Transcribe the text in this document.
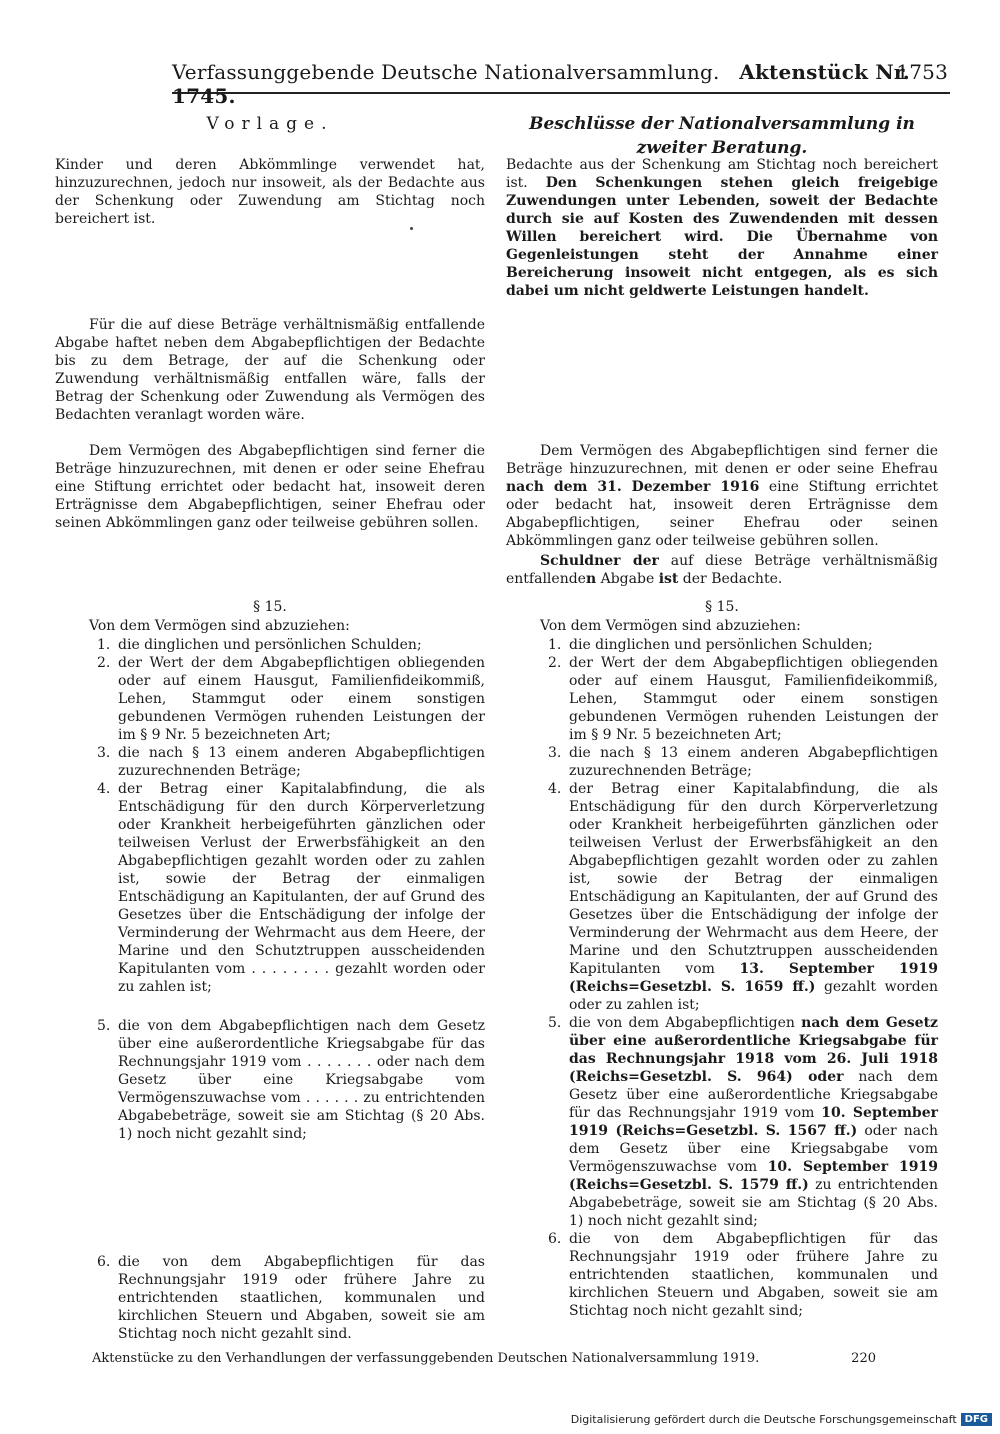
Verfassunggebende Deutsche Nationalversammlung. Aktenstück Nr. 1745.
1753
Vorlage.
Kinder und deren Abkömmlinge verwendet hat, hinzuzurechnen, jedoch nur insoweit, als der Bedachte aus der Schenkung oder Zuwendung am Stichtag noch bereichert ist.
Für die auf diese Beträge verhältnismäßig entfallende Abgabe haftet neben dem Abgabepflichtigen der Bedachte bis zu dem Betrage, der auf die Schenkung oder Zuwendung verhältnismäßig entfallen wäre, falls der Betrag der Schenkung oder Zuwendung als Vermögen des Bedachten veranlagt worden wäre.
Dem Vermögen des Abgabepflichtigen sind ferner die Beträge hinzuzurechnen, mit denen er oder seine Ehefrau eine Stiftung errichtet oder bedacht hat, insoweit deren Erträgnisse dem Abgabepflichtigen, seiner Ehefrau oder seinen Abkömmlingen ganz oder teilweise gebühren sollen.
§ 15.
Von dem Vermögen sind abzuziehen:
1. die dinglichen und persönlichen Schulden;
2. der Wert der dem Abgabepflichtigen obliegenden oder auf einem Hausgut, Familienfideikommiß, Lehen, Stammgut oder einem sonstigen gebundenen Vermögen ruhenden Leistungen der im § 9 Nr. 5 bezeichneten Art;
3. die nach § 13 einem anderen Abgabepflichtigen zuzurechnenden Beträge;
4. der Betrag einer Kapitalabfindung, die als Entschädigung für den durch Körperverletzung oder Krankheit herbeigeführten gänzlichen oder teilweisen Verlust der Erwerbsfähigkeit an den Abgabepflichtigen gezahlt worden oder zu zahlen ist, sowie der Betrag der einmaligen Entschädigung an Kapitulanten, der auf Grund des Gesetzes über die Entschädigung der infolge der Verminderung der Wehrmacht aus dem Heere, der Marine und den Schutztruppen ausscheidenden Kapitulanten vom . . . . . . . . gezahlt worden oder zu zahlen ist;
5. die von dem Abgabepflichtigen nach dem Gesetz über eine außerordentliche Kriegsabgabe für das Rechnungsjahr 1919 vom . . . . . . . oder nach dem Gesetz über eine Kriegsabgabe vom Vermögenszuwachse vom . . . . . . zu entrichtenden Abgabebeträge, soweit sie am Stichtag (§ 20 Abs. 1) noch nicht gezahlt sind;
6. die von dem Abgabepflichtigen für das Rechnungsjahr 1919 oder frühere Jahre zu entrichtenden staatlichen, kommunalen und kirchlichen Steuern und Abgaben, soweit sie am Stichtag noch nicht gezahlt sind.
Beschlüsse der Nationalversammlung in zweiter Beratung.
Bedachte aus der Schenkung am Stichtag noch bereichert ist. Den Schenkungen stehen gleich freigebige Zuwendungen unter Lebenden, soweit der Bedachte durch sie auf Kosten des Zuwendenden mit dessen Willen bereichert wird. Die Übernahme von Gegenleistungen steht der Annahme einer Bereicherung insoweit nicht entgegen, als es sich dabei um nicht geldwerte Leistungen handelt.
Dem Vermögen des Abgabepflichtigen sind ferner die Beträge hinzuzurechnen, mit denen er oder seine Ehefrau nach dem 31. Dezember 1916 eine Stiftung errichtet oder bedacht hat, insoweit deren Erträgnisse dem Abgabepflichtigen, seiner Ehefrau oder seinen Abkömmlingen ganz oder teilweise gebühren sollen.
Schuldner der auf diese Beträge verhältnismäßig entfallenden Abgabe ist der Bedachte.
§ 15.
Von dem Vermögen sind abzuziehen:
1. die dinglichen und persönlichen Schulden;
2. der Wert der dem Abgabepflichtigen obliegenden oder auf einem Hausgut, Familienfideikommiß, Lehen, Stammgut oder einem sonstigen gebundenen Vermögen ruhenden Leistungen der im § 9 Nr. 5 bezeichneten Art;
3. die nach § 13 einem anderen Abgabepflichtigen zuzurechnenden Beträge;
4. der Betrag einer Kapitalabfindung, die als Entschädigung für den durch Körperverletzung oder Krankheit herbeigeführten gänzlichen oder teilweisen Verlust der Erwerbsfähigkeit an den Abgabepflichtigen gezahlt worden oder zu zahlen ist, sowie der Betrag der einmaligen Entschädigung an Kapitulanten, der auf Grund des Gesetzes über die Entschädigung der infolge der Verminderung der Wehrmacht aus dem Heere, der Marine und den Schutztruppen ausscheidenden Kapitulanten vom 13. September 1919 (Reichs=Gesetzbl. S. 1659 ff.) gezahlt worden oder zu zahlen ist;
5. die von dem Abgabepflichtigen nach dem Gesetz über eine außerordentliche Kriegsabgabe für das Rechnungsjahr 1918 vom 26. Juli 1918 (Reichs=Gesetzbl. S. 964) oder nach dem Gesetz über eine außerordentliche Kriegsabgabe für das Rechnungsjahr 1919 vom 10. September 1919 (Reichs=Gesetzbl. S. 1567 ff.) oder nach dem Gesetz über eine Kriegsabgabe vom Vermögenszuwachse vom 10. September 1919 (Reichs=Gesetzbl. S. 1579 ff.) zu entrichtenden Abgabebeträge, soweit sie am Stichtag (§ 20 Abs. 1) noch nicht gezahlt sind;
6. die von dem Abgabepflichtigen für das Rechnungsjahr 1919 oder frühere Jahre zu entrichtenden staatlichen, kommunalen und kirchlichen Steuern und Abgaben, soweit sie am Stichtag noch nicht gezahlt sind;
Aktenstücke zu den Verhandlungen der verfassunggebenden Deutschen Nationalversammlung 1919.	220
Digitalisierung gefördert durch die Deutsche Forschungsgemeinschaft DFG
